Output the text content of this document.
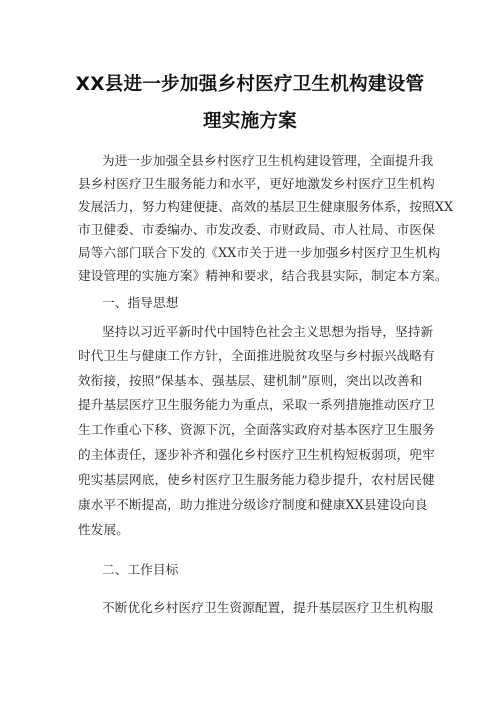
XX县进一步加强乡村医疗卫生机构建设管
理实施方案
为进一步加强全县乡村医疗卫生机构建设管理，全面提升我
县乡村医疗卫生服务能力和水平，更好地激发乡村医疗卫生机构
发展活力，努力构建便捷、高效的基层卫生健康服务体系，按照XX
市卫健委、市委编办、市发改委、市财政局、市人社局、市医保
局等六部门联合下发的《XX市关于进一步加强乡村医疗卫生机构
建设管理的实施方案》精神和要求，结合我县实际，制定本方案。
一、指导思想
坚持以习近平新时代中国特色社会主义思想为指导，坚持新
时代卫生与健康工作方针，全面推进脱贫攻坚与乡村振兴战略有
效衔接，按照“保基本、强基层、建机制”原则，突出以改善和
提升基层医疗卫生服务能力为重点，采取一系列措施推动医疗卫
生工作重心下移、资源下沉，全面落实政府对基本医疗卫生服务
的主体责任，逐步补齐和强化乡村医疗卫生机构短板弱项，兜牢
兜实基层网底，使乡村医疗卫生服务能力稳步提升，农村居民健
康水平不断提高，助力推进分级诊疗制度和健康XX县建设向良
性发展。
二、工作目标
不断优化乡村医疗卫生资源配置，提升基层医疗卫生机构服
